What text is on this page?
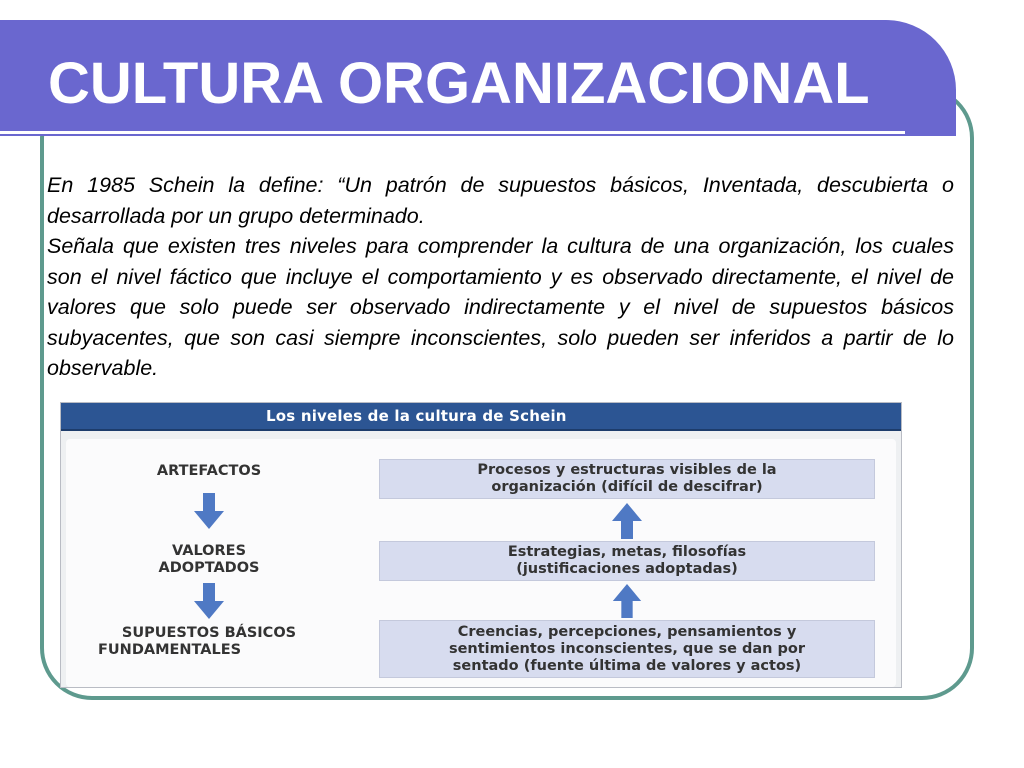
CULTURA ORGANIZACIONAL

En 1985 Schein la define: “Un patrón de supuestos básicos, Inventada, descubierta o desarrollada por un grupo determinado.

Señala que existen tres niveles para comprender la cultura de una organización, los cuales son el nivel fáctico que incluye el comportamiento y es observado directamente, el nivel de valores que solo puede ser observado indirectamente y el nivel de supuestos básicos subyacentes, que son casi siempre inconscientes, solo pueden ser inferidos a partir de lo observable.

Los niveles de la cultura de Schein
ARTEFACTOS
VALORES
ADOPTADOS
SUPUESTOS BÁSICOS
FUNDAMENTALES
Procesos y estructuras visibles de la
organización (difícil de descifrar)
Estrategias, metas, filosofías
(justificaciones adoptadas)
Creencias, percepciones, pensamientos y
sentimientos inconscientes, que se dan por
sentado (fuente última de valores y actos)
